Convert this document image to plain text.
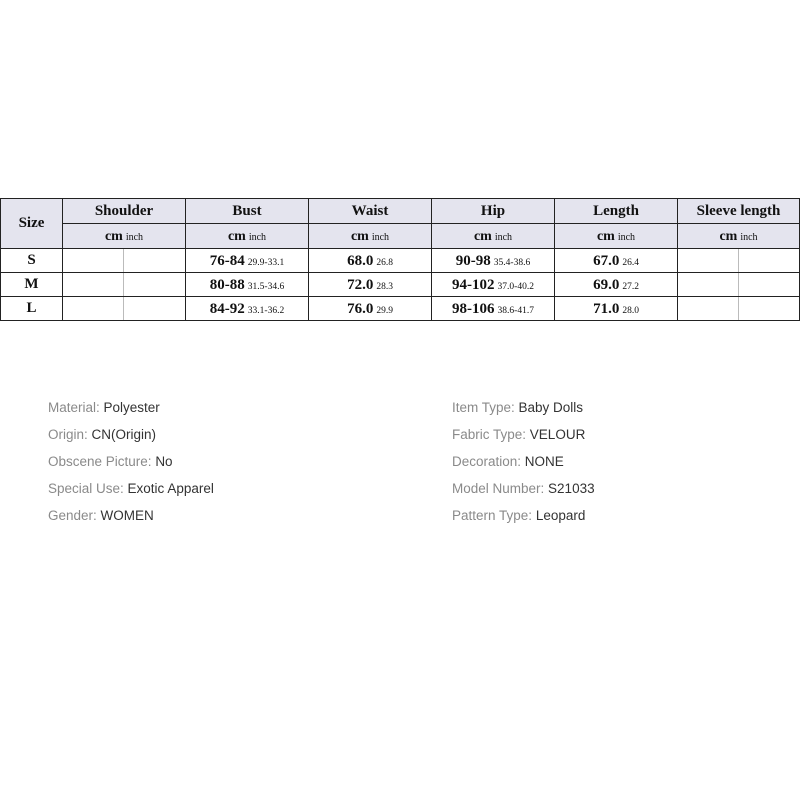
Size	Shoulder		Bust	Waist	Hip	Length	Sleeve length	
	cm inch		cm inch	cm inch	cm inch	cm inch	cm inch	
S			76-84 29.9-33.1	68.0 26.8	90-98 35.4-38.6	67.0 26.4		
M			80-88 31.5-34.6	72.0 28.3	94-102 37.0-40.2	69.0 27.2		
L			84-92 33.1-36.2	76.0 29.9	98-106 38.6-41.7	71.0 28.0		
Material: Polyester
Origin: CN(Origin)
Obscene Picture: No
Special Use: Exotic Apparel
Gender: WOMEN
Item Type: Baby Dolls
Fabric Type: VELOUR
Decoration: NONE
Model Number: S21033
Pattern Type: Leopard
